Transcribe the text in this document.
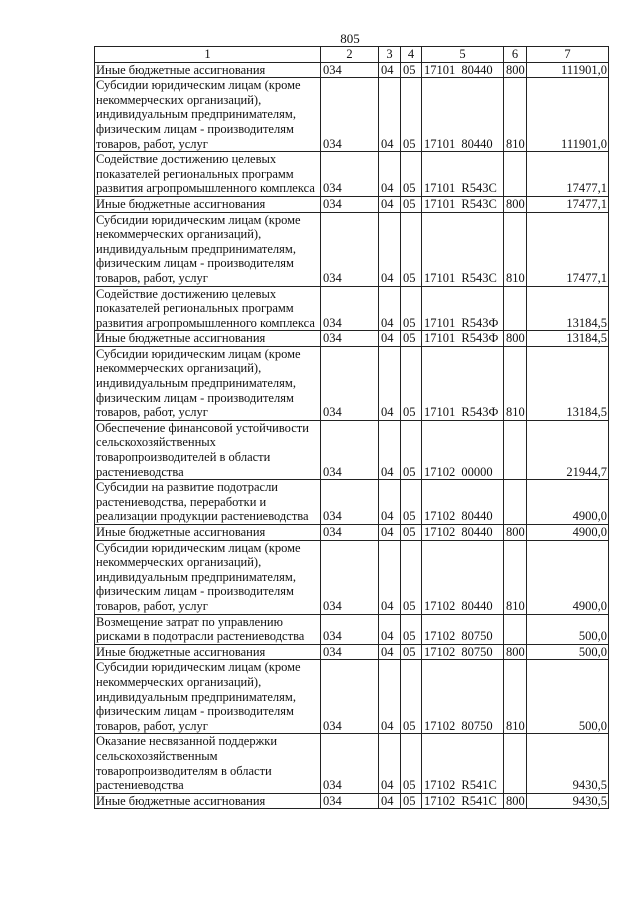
805
1	2	3	4	5	6	7
Иные бюджетные ассигнования	034	04	05	17101 80440	800	111901,0
Субсидии юридическим лицам (кроме некоммерческих организаций), индивидуальным предпринимателям, физическим лицам - производителям товаров, работ, услуг	034	04	05	17101 80440	810	111901,0
Содействие достижению целевых показателей региональных программ развития агропромышленного комплекса	034	04	05	17101 R543С		17477,1
Иные бюджетные ассигнования	034	04	05	17101 R543С	800	17477,1
Субсидии юридическим лицам (кроме некоммерческих организаций), индивидуальным предпринимателям, физическим лицам - производителям товаров, работ, услуг	034	04	05	17101 R543С	810	17477,1
Содействие достижению целевых показателей региональных программ развития агропромышленного комплекса	034	04	05	17101 R543Ф		13184,5
Иные бюджетные ассигнования	034	04	05	17101 R543Ф	800	13184,5
Субсидии юридическим лицам (кроме некоммерческих организаций), индивидуальным предпринимателям, физическим лицам - производителям товаров, работ, услуг	034	04	05	17101 R543Ф	810	13184,5
Обеспечение финансовой устойчивости сельскохозяйственных товаропроизводителей в области растениеводства	034	04	05	17102 00000		21944,7
Субсидии на развитие подотрасли растениеводства, переработки и реализации продукции растениеводства	034	04	05	17102 80440		4900,0
Иные бюджетные ассигнования	034	04	05	17102 80440	800	4900,0
Субсидии юридическим лицам (кроме некоммерческих организаций), индивидуальным предпринимателям, физическим лицам - производителям товаров, работ, услуг	034	04	05	17102 80440	810	4900,0
Возмещение затрат по управлению рисками в подотрасли растениеводства	034	04	05	17102 80750		500,0
Иные бюджетные ассигнования	034	04	05	17102 80750	800	500,0
Субсидии юридическим лицам (кроме некоммерческих организаций), индивидуальным предпринимателям, физическим лицам - производителям товаров, работ, услуг	034	04	05	17102 80750	810	500,0
Оказание несвязанной поддержки сельскохозяйственным товаропроизводителям в области растениеводства	034	04	05	17102 R541С		9430,5
Иные бюджетные ассигнования	034	04	05	17102 R541С	800	9430,5
